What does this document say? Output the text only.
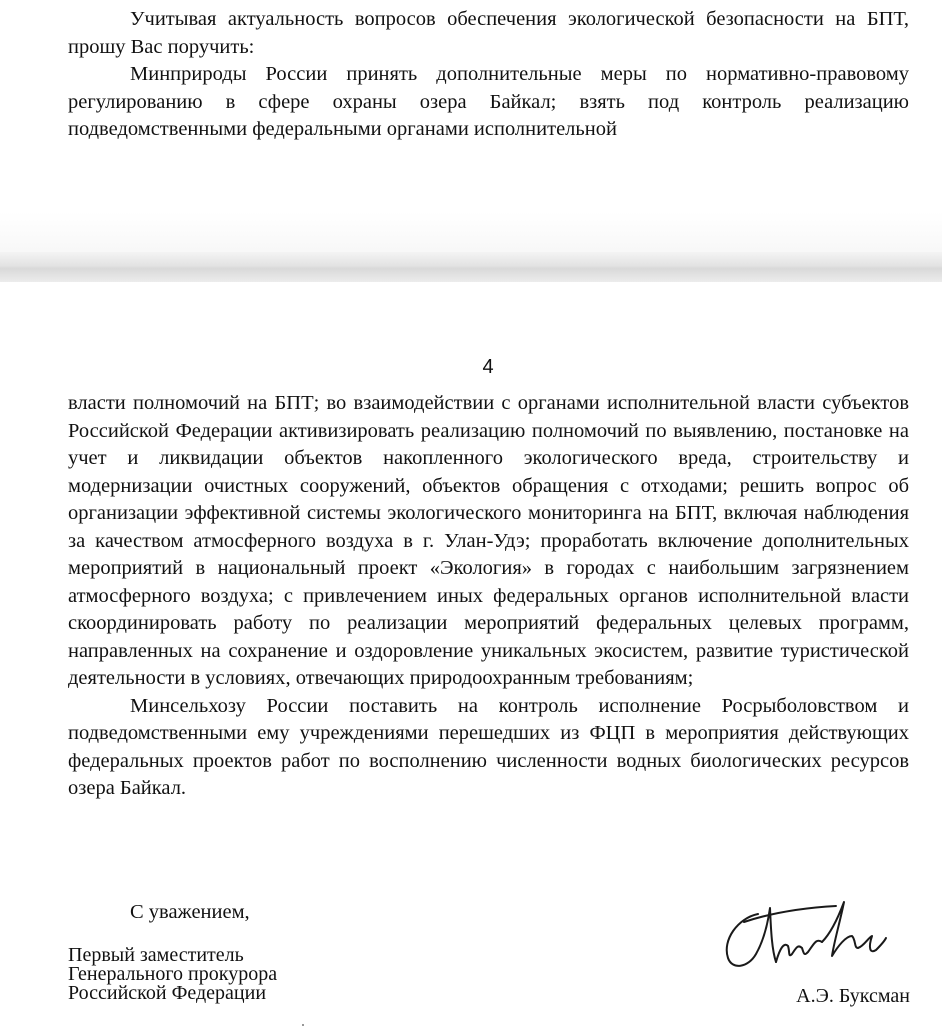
Учитывая актуальность вопросов обеспечения экологической безопасности на БПТ, прошу Вас поручить:

Минприроды России принять дополнительные меры по нормативно-правовому регулированию в сфере охраны озера Байкал; взять под контроль реализацию подведомственными федеральными органами исполнительной

4

власти полномочий на БПТ; во взаимодействии с органами исполнительной власти субъектов Российской Федерации активизировать реализацию полномочий по выявлению, постановке на учет и ликвидации объектов накопленного экологического вреда, строительству и модернизации очистных сооружений, объектов обращения с отходами; решить вопрос об организации эффективной системы экологического мониторинга на БПТ, включая наблюдения за качеством атмосферного воздуха в г. Улан-Удэ; проработать включение дополнительных мероприятий в национальный проект «Экология» в городах с наибольшим загрязнением атмосферного воздуха; с привлечением иных федеральных органов исполнительной власти скоординировать работу по реализации мероприятий федеральных целевых программ, направленных на сохранение и оздоровление уникальных экосистем, развитие туристической деятельности в условиях, отвечающих природоохранным требованиям;

Минсельхозу России поставить на контроль исполнение Росрыболовством и подведомственными ему учреждениями перешедших из ФЦП в мероприятия действующих федеральных проектов работ по восполнению численности водных биологических ресурсов озера Байкал.

С уважением,
Первый заместитель
Генерального прокурора
Российской Федерации	А.Э. Буксман
